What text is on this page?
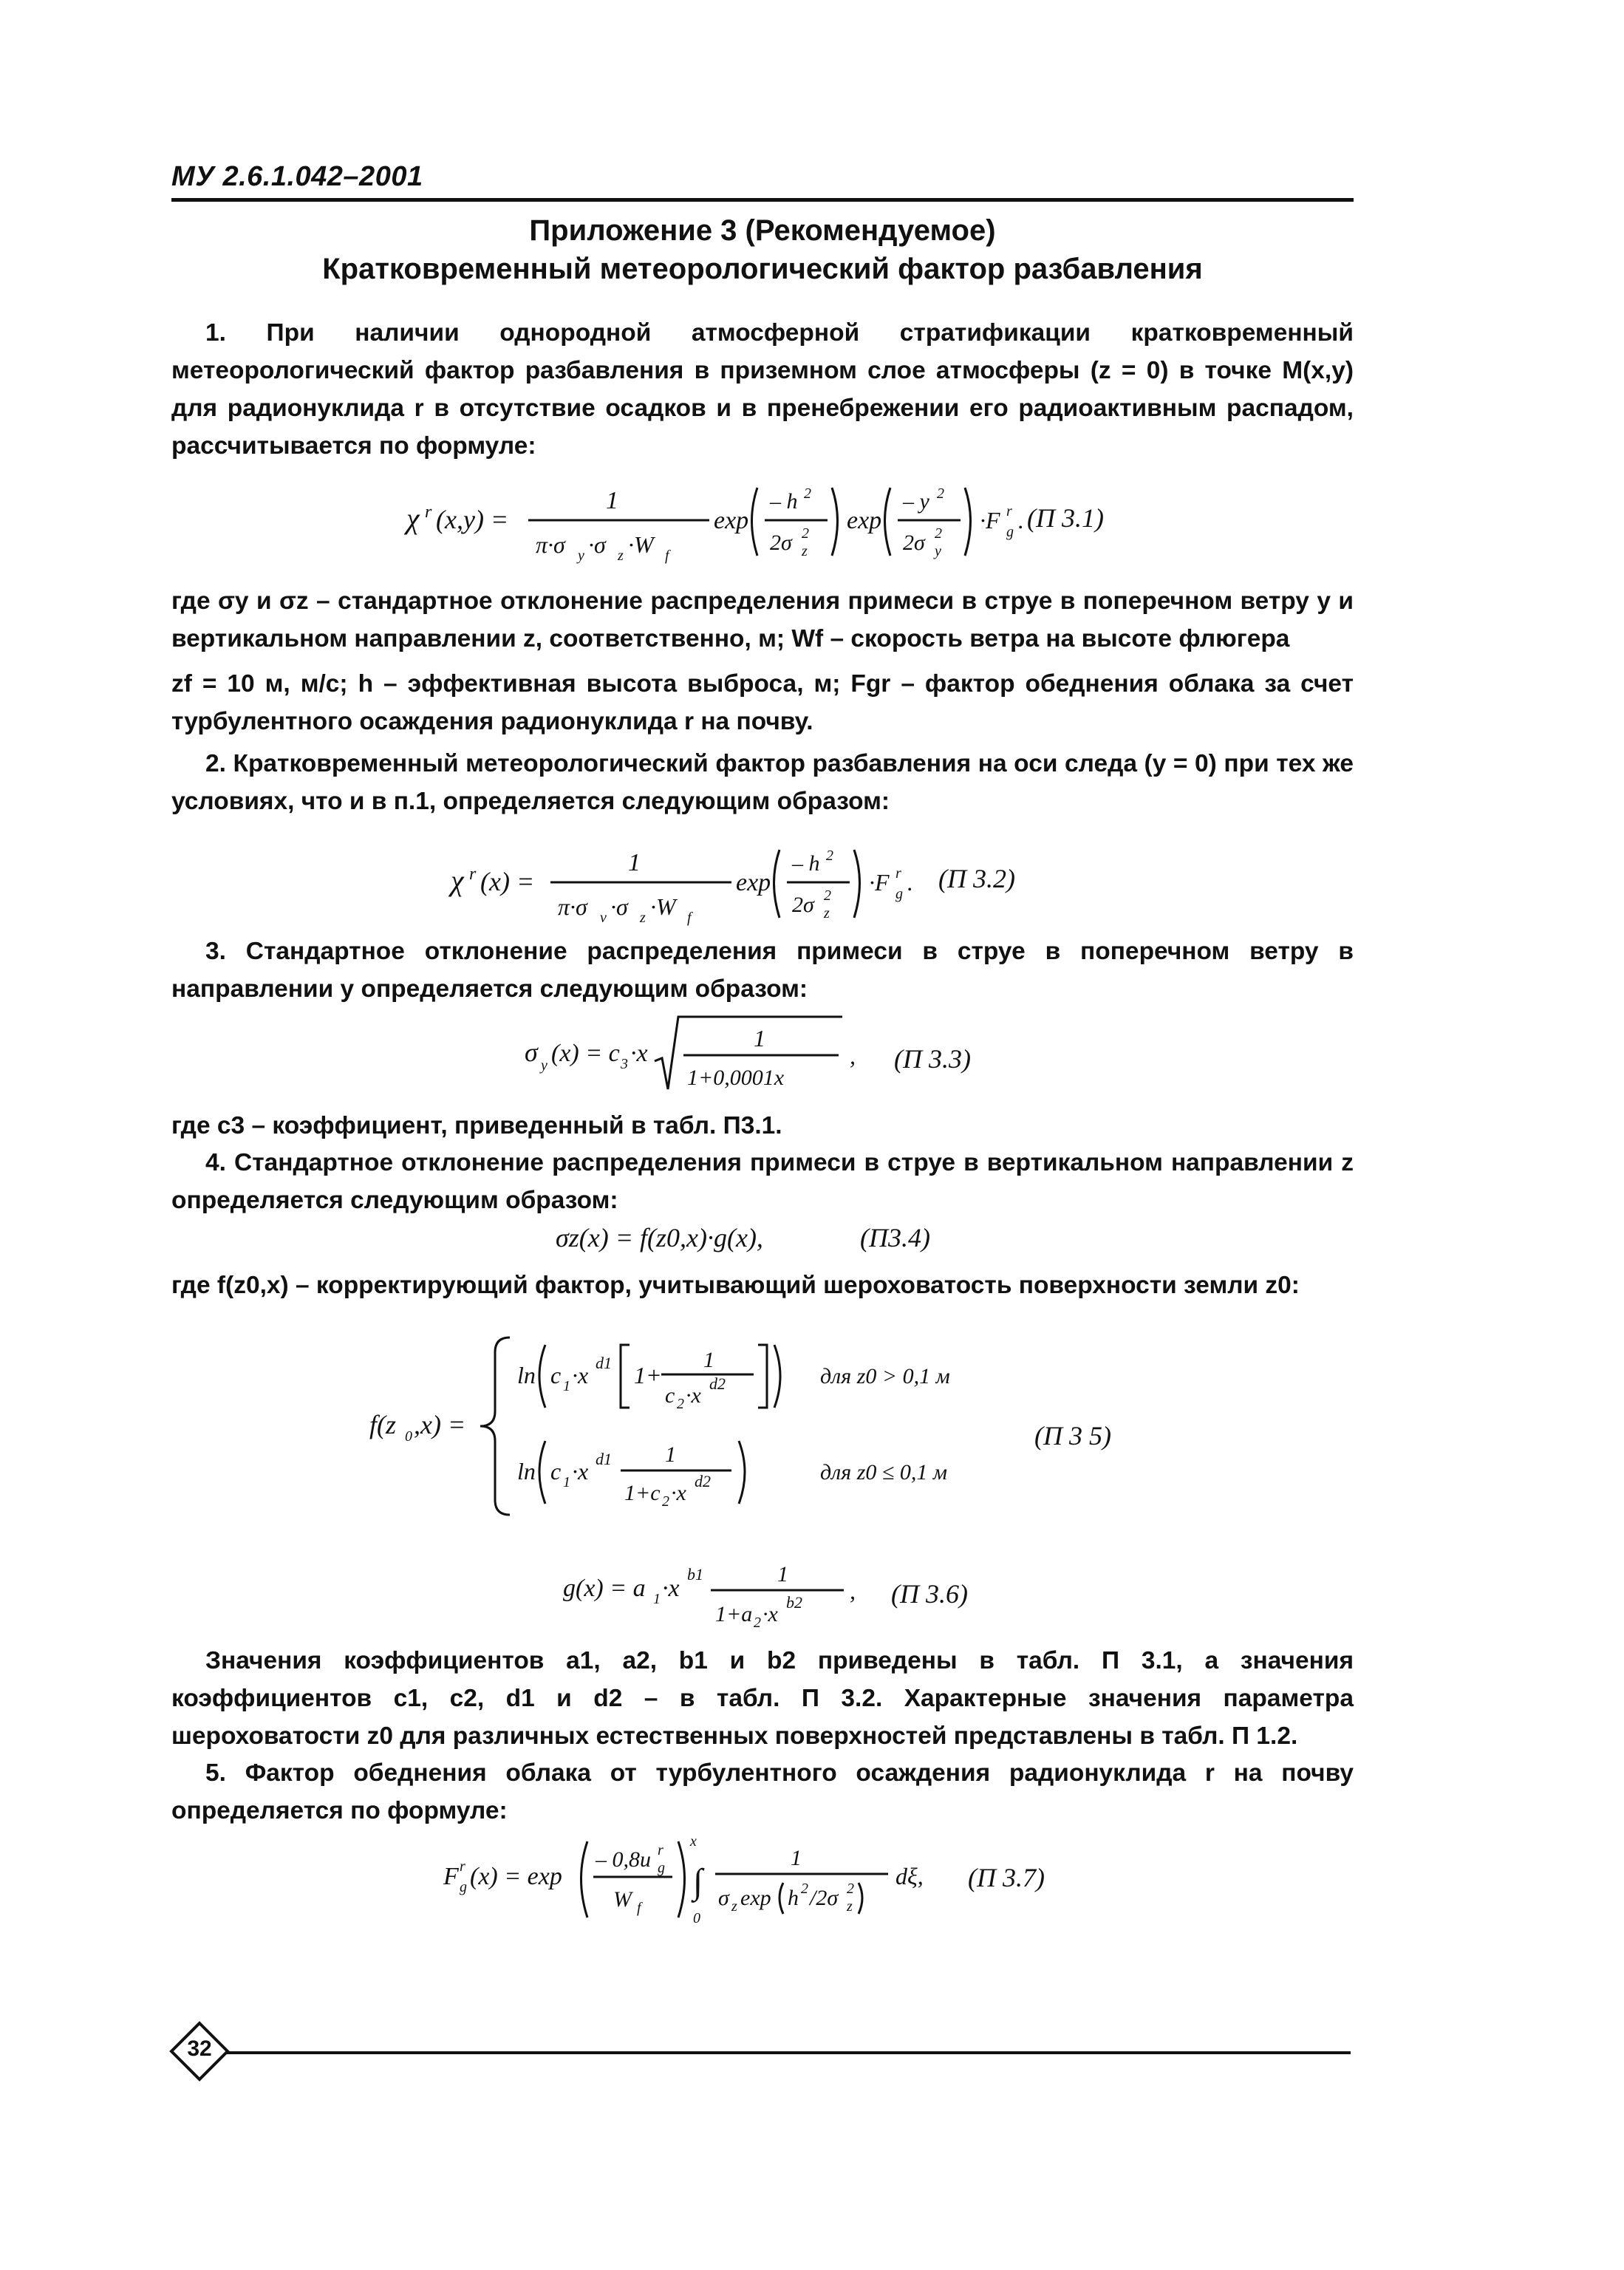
МУ 2.6.1.042–2001
Приложение 3 (Рекомендуемое)
Кратковременный метеорологический фактор разбавления
1. При наличии однородной атмосферной стратификации кратковременный метеорологический фактор разбавления в приземном слое атмосферы (z = 0) в точке M(x,y) для радионуклида r в отсутствие осадков и в пренебрежении его радиоактивным распадом, рассчитывается по формуле:
χ r (x,y) =
1
π·σ y ·σ z ·W f
exp
– h 2
2σ 2
z
exp
– y 2
2σ 2
y
·F r
g . (П 3.1)
где σy и σz – стандартное отклонение распределения примеси в струе в поперечном ветру y и вертикальном направлении z, соответственно, м; Wf – скорость ветра на высоте флюгера
zf = 10 м, м/с; h – эффективная высота выброса, м; Fgr – фактор обеднения облака за счет турбулентного осаждения радионуклида r на почву.
2. Кратковременный метеорологический фактор разбавления на оси следа (y = 0) при тех же условиях, что и в п.1, определяется следующим образом:
χ r (x) =
1
π·σ v ·σ z ·W f
exp
– h 2
2σ 2
z
·F r
g . (П 3.2)
3. Стандартное отклонение распределения примеси в струе в поперечном ветру в направлении y определяется следующим образом:
σ y (x) = c 3 ·x
1
1+0,0001x
, (П 3.3)
где c3 – коэффициент, приведенный в табл. П3.1.
4. Стандартное отклонение распределения примеси в струе в вертикальном направлении z определяется следующим образом:
σz(x) = f(z0,x)·g(x),	(П3.4)
где f(z0,x) – корректирующий фактор, учитывающий шероховатость поверхности земли z0:
f(z 0 ,x) =
ln c 1 ·x d1 1+
1
c 2 ·x d2	для z0 > 0,1 м
ln c 1 ·x d1 1
1+c 2 ·x d2	для z0 ≤ 0,1 м
(П 3 5)
g(x) = a 1 ·x
b1	1
1+a 2 ·x b2 , (П 3.6)
Значения коэффициентов a1, a2, b1 и b2 приведены в табл. П 3.1, а значения коэффициентов c1, c2, d1 и d2 – в табл. П 3.2. Характерные значения параметра шероховатости z0 для различных естественных поверхностей представлены в табл. П 1.2.
5. Фактор обеднения облака от турбулентного осаждения радионуклида r на почву определяется по формуле:
F r
g (x) = exp
– 0,8u r
g
W f
x
∫
0
1
σ z exp h 2 /2σ 2
z
dξ, (П 3.7)
32
